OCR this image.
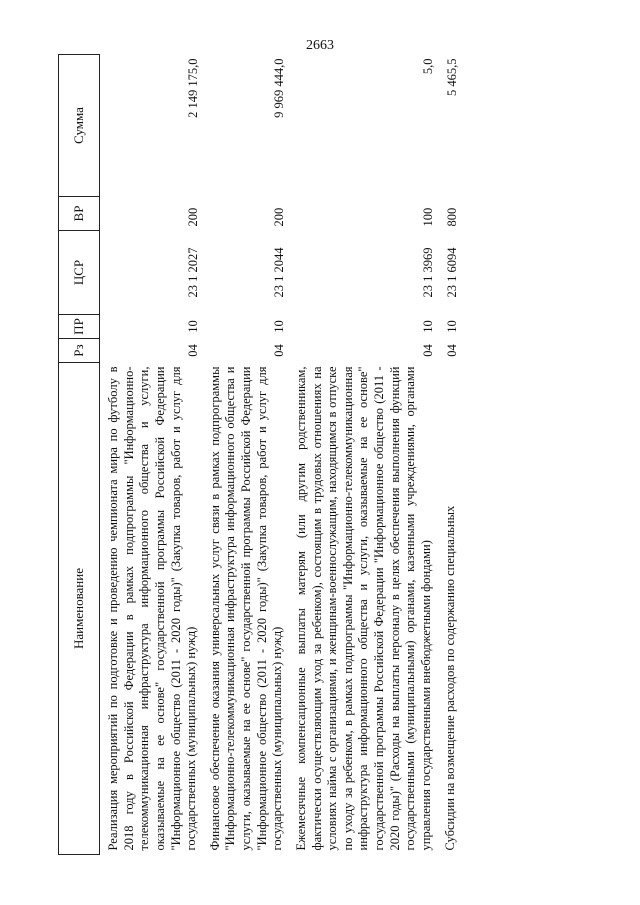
2663
Наименование	Рз	ПР	ЦСР	ВР	Сумма
Реализация мероприятий по подготовке и проведению чемпионата мира по футболу в 2018 году в Российской Федерации в рамках подпрограммы "Информационно-телекоммуникационная инфраструктура информационного общества и услуги, оказываемые на ее основе" государственной программы Российской Федерации "Информационное общество (2011 - 2020 годы)" (Закупка товаров, работ и услуг для государственных (муниципальных) нужд)	04	10	23 1 2027	200	2 149 175,0
Финансовое обеспечение оказания универсальных услуг связи в рамках подпрограммы "Информационно-телекоммуникационная инфраструктура информационного общества и услуги, оказываемые на ее основе" государственной программы Российской Федерации "Информационное общество (2011 - 2020 годы)" (Закупка товаров, работ и услуг для государственных (муниципальных) нужд)	04	10	23 1 2044	200	9 969 444,0
Ежемесячные компенсационные выплаты матерям (или другим родственникам, фактически осуществляющим уход за ребенком), состоящим в трудовых отношениях на условиях найма с организациями, и женщинам-военнослужащим, находящимся в отпуске по уходу за ребенком, в рамках подпрограммы "Информационно-телекоммуникационная инфраструктура информационного общества и услуги, оказываемые на ее основе" государственной программы Российской Федерации "Информационное общество (2011 - 2020 годы)" (Расходы на выплаты персоналу в целях обеспечения выполнения функций государственными (муниципальными) органами, казенными учреждениями, органами управления государственными внебюджетными фондами)	04	10	23 1 3969	100	5,0
Субсидии на возмещение расходов по содержанию специальных	04	10	23 1 6094	800	5 465,5
